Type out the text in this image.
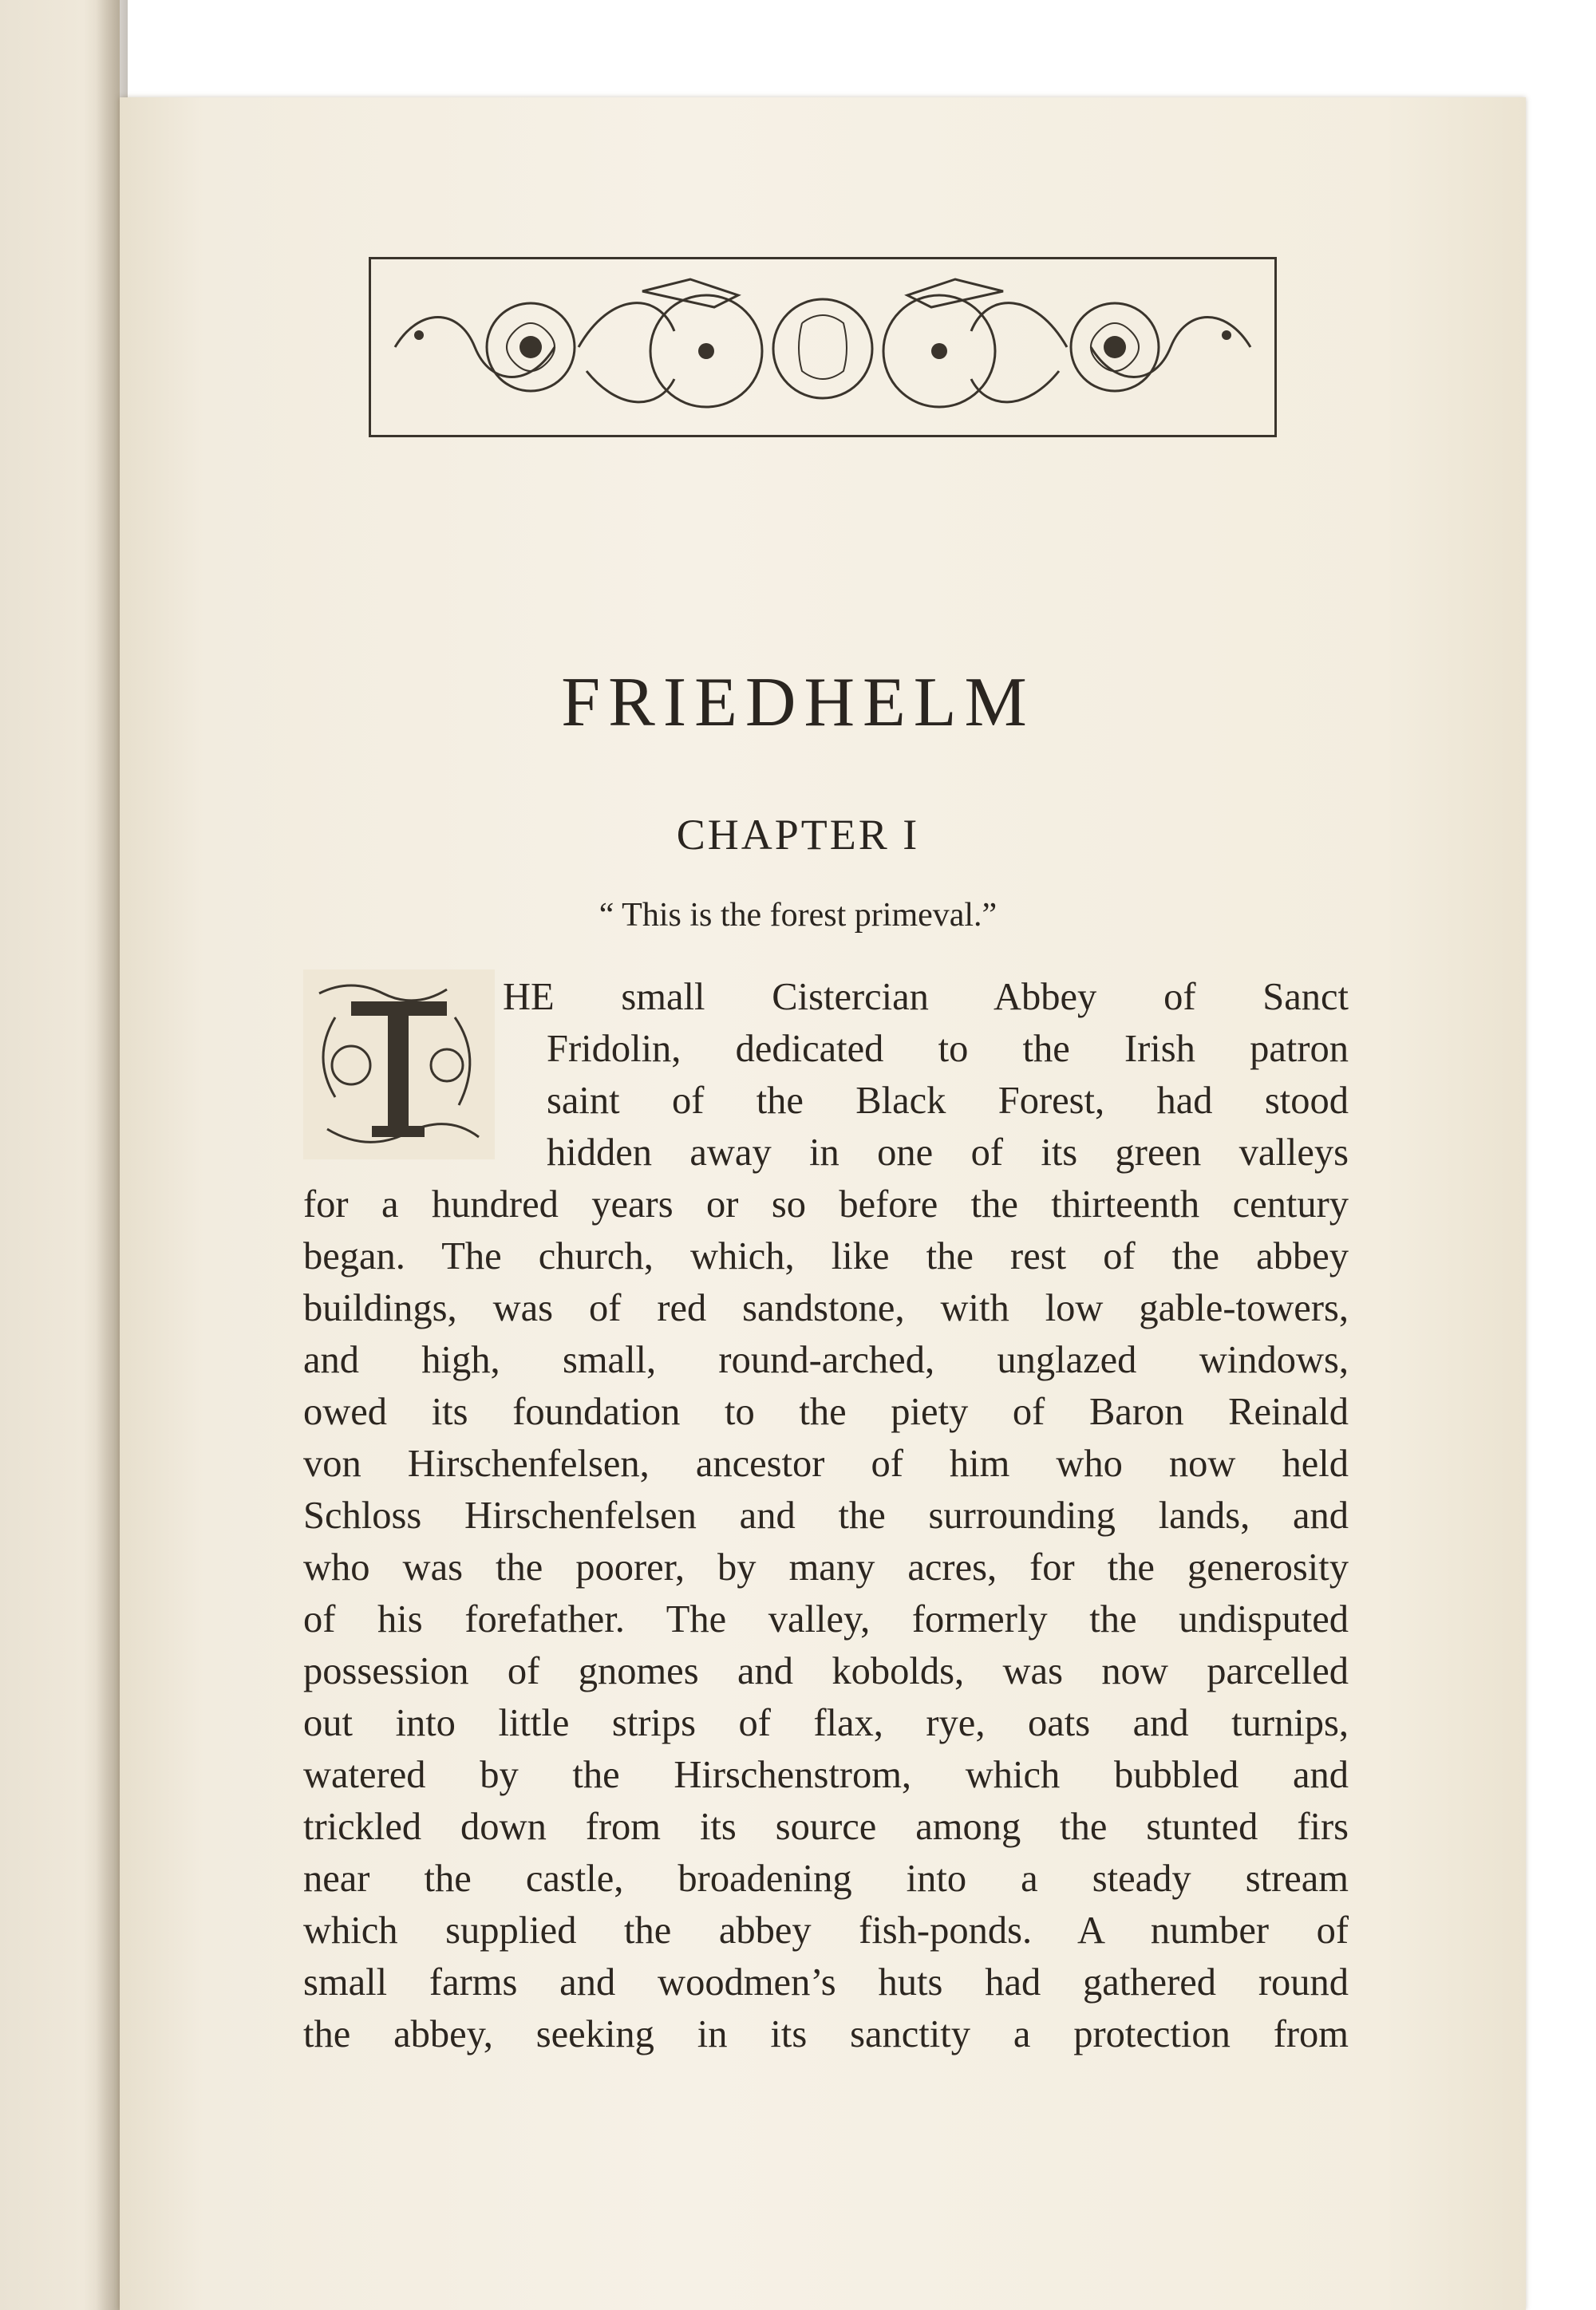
FRIEDHELM
CHAPTER I
“ This is the forest primeval.”
HE small Cistercian Abbey of Sanct
Fridolin, dedicated to the Irish patron
saint of the Black Forest, had stood
hidden away in one of its green valleys
for a hundred years or so before the thirteenth century
began. The church, which, like the rest of the abbey
buildings, was of red sandstone, with low gable-towers,
and high, small, round-arched, unglazed windows,
owed its foundation to the piety of Baron Reinald
von Hirschenfelsen, ancestor of him who now held
Schloss Hirschenfelsen and the surrounding lands, and
who was the poorer, by many acres, for the generosity
of his forefather. The valley, formerly the undisputed
possession of gnomes and kobolds, was now parcelled
out into little strips of flax, rye, oats and turnips,
watered by the Hirschenstrom, which bubbled and
trickled down from its source among the stunted firs
near the castle, broadening into a steady stream
which supplied the abbey fish-ponds. A number of
small farms and woodmen’s huts had gathered round
the abbey, seeking in its sanctity a protection from
